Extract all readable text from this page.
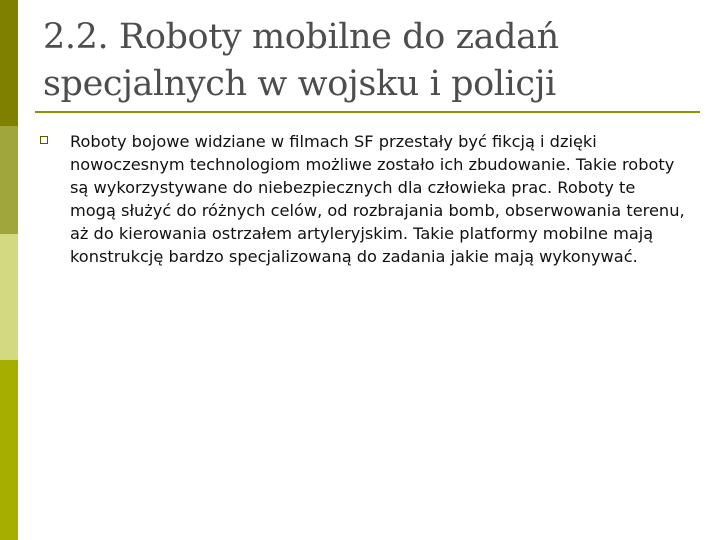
2.2. Roboty mobilne do zadań
specjalnych w wojsku i policji
Roboty bojowe widziane w filmach SF przestały być fikcją i dzięki nowoczesnym technologiom możliwe zostało ich zbudowanie. Takie roboty są wykorzystywane do niebezpiecznych dla człowieka prac. Roboty te mogą służyć do różnych celów, od rozbrajania bomb, obserwowania terenu, aż do kierowania ostrzałem artyleryjskim. Takie platformy mobilne mają konstrukcję bardzo specjalizowaną do zadania jakie mają wykonywać.
